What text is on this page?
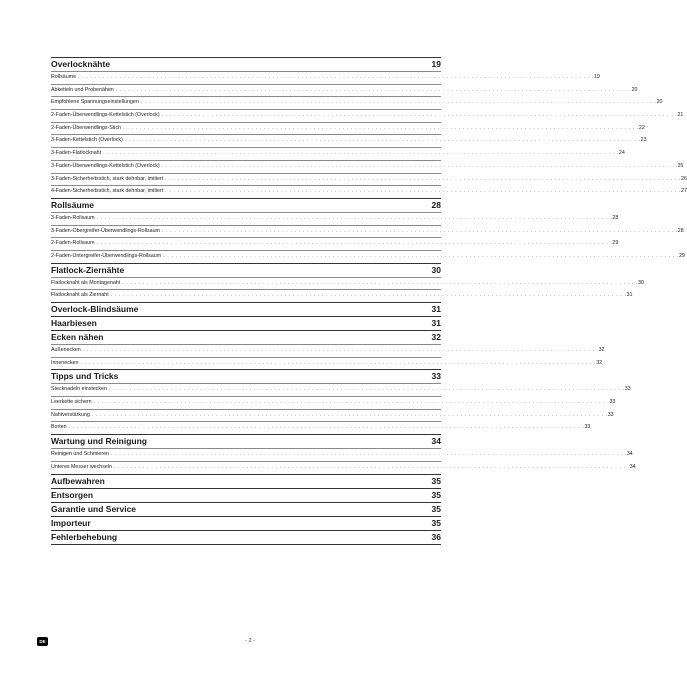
Overlocknähte	19
Rollsäume . . . . . . . . . . . . . . . . . . . . . . . . . . . . . . . . . . . . . . . . . . . . . . . . . . . . . . . . . . . . . . . . . . . . . . . . . . . . . . . . . . . . . . . . . . . . . . . . . . . . . . . . . . . . . . . . . . . . . . . . . . . . . 19
Abketteln und Probenähen . . . . . . . . . . . . . . . . . . . . . . . . . . . . . . . . . . . . . . . . . . . . . . . . . . . . . . . . . . . . . . . . . . . . . . . . . . . . . . . . . . . . . . . . . . . . . . . . . . . . . . . . . . . . . . . . . . . . . . . . . . . . . 20
Empfohlene Spannungseinstellungen . . . . . . . . . . . . . . . . . . . . . . . . . . . . . . . . . . . . . . . . . . . . . . . . . . . . . . . . . . . . . . . . . . . . . . . . . . . . . . . . . . . . . . . . . . . . . . . . . . . . . . . . . . . . . . . . . . . . . . . . . . . . . 20
2-Faden-Überwendlings-Kettelstich (Overlock) . . . . . . . . . . . . . . . . . . . . . . . . . . . . . . . . . . . . . . . . . . . . . . . . . . . . . . . . . . . . . . . . . . . . . . . . . . . . . . . . . . . . . . . . . . . . . . . . . . . . . . . . . . . . . . . . . . . . . . . . . . . . . 21
2-Faden-Überwendlings-Stich . . . . . . . . . . . . . . . . . . . . . . . . . . . . . . . . . . . . . . . . . . . . . . . . . . . . . . . . . . . . . . . . . . . . . . . . . . . . . . . . . . . . . . . . . . . . . . . . . . . . . . . . . . . . . . . . . . . . . . . . . . . . . 22
3-Faden-Kettelstich (Overlock) . . . . . . . . . . . . . . . . . . . . . . . . . . . . . . . . . . . . . . . . . . . . . . . . . . . . . . . . . . . . . . . . . . . . . . . . . . . . . . . . . . . . . . . . . . . . . . . . . . . . . . . . . . . . . . . . . . . . . . . . . . . . . 23
3-Faden-Flatlocknaht . . . . . . . . . . . . . . . . . . . . . . . . . . . . . . . . . . . . . . . . . . . . . . . . . . . . . . . . . . . . . . . . . . . . . . . . . . . . . . . . . . . . . . . . . . . . . . . . . . . . . . . . . . . . . . . . . . . . . . . . . . . . . 24
3-Faden-Überwendlings-Kettelstich (Overlock) . . . . . . . . . . . . . . . . . . . . . . . . . . . . . . . . . . . . . . . . . . . . . . . . . . . . . . . . . . . . . . . . . . . . . . . . . . . . . . . . . . . . . . . . . . . . . . . . . . . . . . . . . . . . . . . . . . . . . . . . . . . . . 25
3-Faden-Sicherheitsstich, stark dehnbar, imitiert . . . . . . . . . . . . . . . . . . . . . . . . . . . . . . . . . . . . . . . . . . . . . . . . . . . . . . . . . . . . . . . . . . . . . . . . . . . . . . . . . . . . . . . . . . . . . . . . . . . . . . . . . . . . . . . . . . . . . . . . . . . . . 26
4-Faden-Sicherheitsstich, stark dehnbar, imitiert . . . . . . . . . . . . . . . . . . . . . . . . . . . . . . . . . . . . . . . . . . . . . . . . . . . . . . . . . . . . . . . . . . . . . . . . . . . . . . . . . . . . . . . . . . . . . . . . . . . . . . . . . . . . . . . . . . . . . . . . . . . . . 27
Rollsäume	28
3-Faden-Rollsaum . . . . . . . . . . . . . . . . . . . . . . . . . . . . . . . . . . . . . . . . . . . . . . . . . . . . . . . . . . . . . . . . . . . . . . . . . . . . . . . . . . . . . . . . . . . . . . . . . . . . . . . . . . . . . . . . . . . . . . . . . . . . . 28
3-Faden-Obergreifer-Überwendlings-Rollsaum . . . . . . . . . . . . . . . . . . . . . . . . . . . . . . . . . . . . . . . . . . . . . . . . . . . . . . . . . . . . . . . . . . . . . . . . . . . . . . . . . . . . . . . . . . . . . . . . . . . . . . . . . . . . . . . . . . . . . . . . . . . . . 28
2-Faden-Rollsaum . . . . . . . . . . . . . . . . . . . . . . . . . . . . . . . . . . . . . . . . . . . . . . . . . . . . . . . . . . . . . . . . . . . . . . . . . . . . . . . . . . . . . . . . . . . . . . . . . . . . . . . . . . . . . . . . . . . . . . . . . . . . . 29
2-Faden-Untergreifer-Überwendlings-Rollsaum . . . . . . . . . . . . . . . . . . . . . . . . . . . . . . . . . . . . . . . . . . . . . . . . . . . . . . . . . . . . . . . . . . . . . . . . . . . . . . . . . . . . . . . . . . . . . . . . . . . . . . . . . . . . . . . . . . . . . . . . . . . . . 29
Flatlock-Ziernähte	30
Flatlocknaht als Montagenaht . . . . . . . . . . . . . . . . . . . . . . . . . . . . . . . . . . . . . . . . . . . . . . . . . . . . . . . . . . . . . . . . . . . . . . . . . . . . . . . . . . . . . . . . . . . . . . . . . . . . . . . . . . . . . . . . . . . . . . . . . . . . . 30
Flatlocknaht als Ziernaht . . . . . . . . . . . . . . . . . . . . . . . . . . . . . . . . . . . . . . . . . . . . . . . . . . . . . . . . . . . . . . . . . . . . . . . . . . . . . . . . . . . . . . . . . . . . . . . . . . . . . . . . . . . . . . . . . . . . . . . . . . . . . 31
Overlock-Blindsäume	31
Haarbiesen	31
Ecken nähen	32
Außenecken . . . . . . . . . . . . . . . . . . . . . . . . . . . . . . . . . . . . . . . . . . . . . . . . . . . . . . . . . . . . . . . . . . . . . . . . . . . . . . . . . . . . . . . . . . . . . . . . . . . . . . . . . . . . . . . . . . . . . . . . . . . . . 32
Innenecken . . . . . . . . . . . . . . . . . . . . . . . . . . . . . . . . . . . . . . . . . . . . . . . . . . . . . . . . . . . . . . . . . . . . . . . . . . . . . . . . . . . . . . . . . . . . . . . . . . . . . . . . . . . . . . . . . . . . . . . . . . . . . 32
Tipps und Tricks	33
Stecknadeln einstecken . . . . . . . . . . . . . . . . . . . . . . . . . . . . . . . . . . . . . . . . . . . . . . . . . . . . . . . . . . . . . . . . . . . . . . . . . . . . . . . . . . . . . . . . . . . . . . . . . . . . . . . . . . . . . . . . . . . . . . . . . . . . . 33
Leerkette sichern . . . . . . . . . . . . . . . . . . . . . . . . . . . . . . . . . . . . . . . . . . . . . . . . . . . . . . . . . . . . . . . . . . . . . . . . . . . . . . . . . . . . . . . . . . . . . . . . . . . . . . . . . . . . . . . . . . . . . . . . . . . . . 33
Nahtverstärkung . . . . . . . . . . . . . . . . . . . . . . . . . . . . . . . . . . . . . . . . . . . . . . . . . . . . . . . . . . . . . . . . . . . . . . . . . . . . . . . . . . . . . . . . . . . . . . . . . . . . . . . . . . . . . . . . . . . . . . . . . . . . . 33
Borten . . . . . . . . . . . . . . . . . . . . . . . . . . . . . . . . . . . . . . . . . . . . . . . . . . . . . . . . . . . . . . . . . . . . . . . . . . . . . . . . . . . . . . . . . . . . . . . . . . . . . . . . . . . . . . . . . . . . . . . . . . . . . 33
Wartung und Reinigung	34
Reinigen und Schmieren . . . . . . . . . . . . . . . . . . . . . . . . . . . . . . . . . . . . . . . . . . . . . . . . . . . . . . . . . . . . . . . . . . . . . . . . . . . . . . . . . . . . . . . . . . . . . . . . . . . . . . . . . . . . . . . . . . . . . . . . . . . . . 34
Unteres Messer wechseln . . . . . . . . . . . . . . . . . . . . . . . . . . . . . . . . . . . . . . . . . . . . . . . . . . . . . . . . . . . . . . . . . . . . . . . . . . . . . . . . . . . . . . . . . . . . . . . . . . . . . . . . . . . . . . . . . . . . . . . . . . . . . 34
Aufbewahren	35
Entsorgen	35
Garantie und Service	35
Importeur	35
Fehlerbehebung	36
DE	- 2 -
